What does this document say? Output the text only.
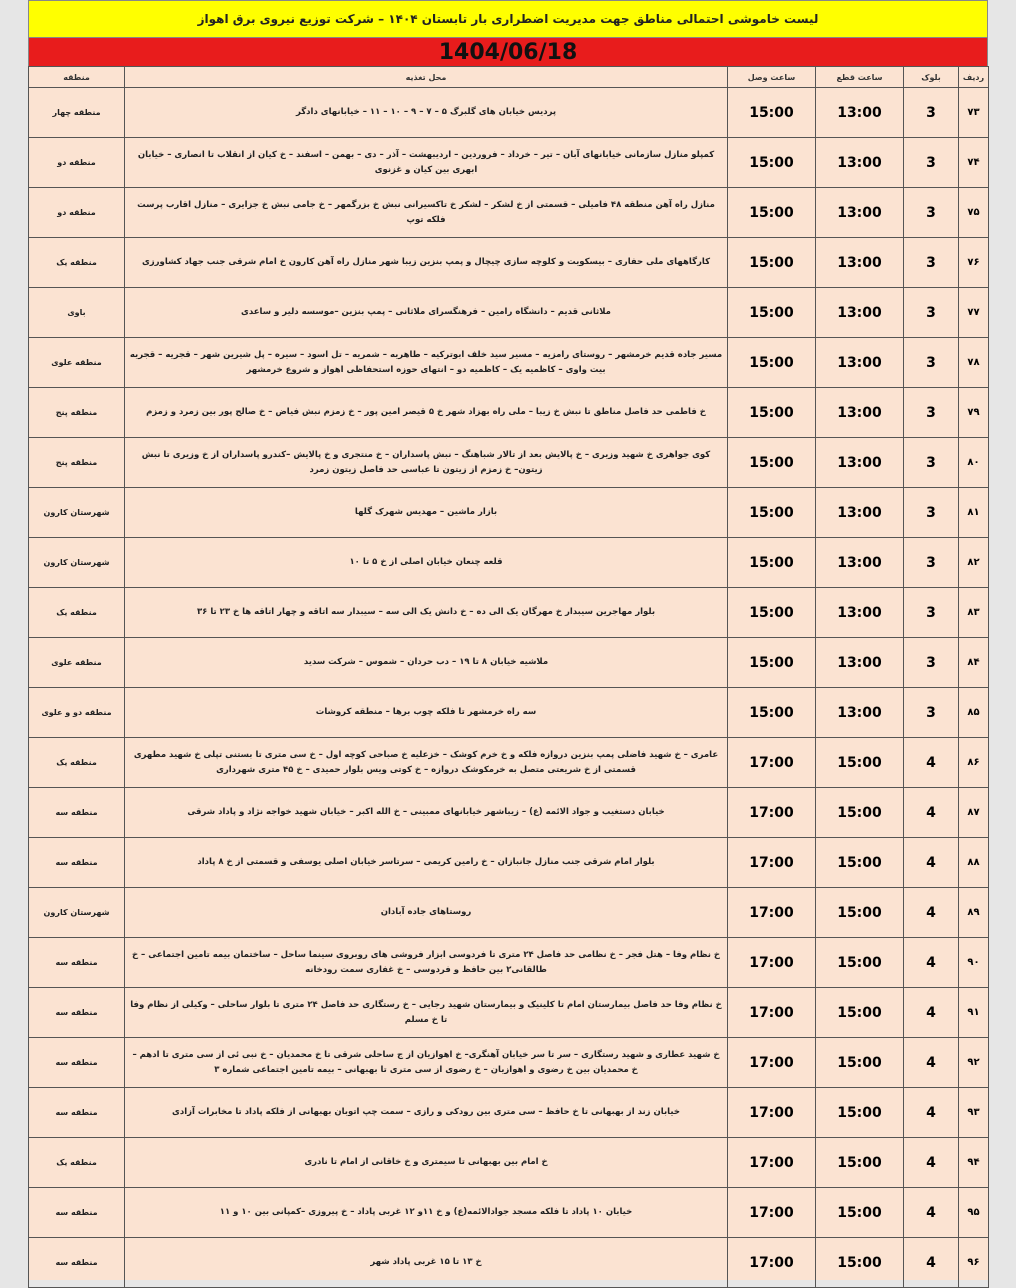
لیست خاموشی احتمالی مناطق جهت مدیریت اضطراری بار تابستان ۱۴۰۴ – شرکت توزیع نیروی برق اهواز
1404/06/18
ردیف	بلوک	ساعت قطع	ساعت وصل	محل تغذیه	منطقه
۷۳	3	13:00	15:00	پردیس خیابان های گلبرگ ۵ – ۷ – ۹ – ۱۰ – ۱۱ – خیابانهای دادگر	منطقه چهار
۷۴	3	13:00	15:00	کمپلو منازل سازمانی خیابانهای آبان – تیر – خرداد – فروردین – اردیبهشت – آذر – دی – بهمن – اسفند – خ کیان از انقلاب تا انصاری – خیابان ابهری بین کیان و غزنوی	منطقه دو
۷۵	3	13:00	15:00	منازل راه آهن منطقه ۴۸ فامیلی – قسمتی از خ لشکر – لشکر خ تاکسیرانی نبش خ بزرگمهر – خ جامی نبش خ جزایری – منازل اقارب پرست فلکه توپ	منطقه دو
۷۶	3	13:00	15:00	کارگاههای ملی حفاری – بیسکویت و کلوچه سازی چیچال و پمپ بنزین زیبا شهر منازل راه آهن کارون خ امام شرقی جنب جهاد کشاورزی	منطقه یک
۷۷	3	13:00	15:00	ملاثانی قدیم – دانشگاه رامین – فرهنگسرای ملاثانی – پمپ بنزین –موسسه دلیر و ساعدی	باوی
۷۸	3	13:00	15:00	مسیر جاده قدیم خرمشهر – روستای رامزیه – مسیر سید خلف ابوترکیه – طاهریه – شمریه – تل اسود – سیره – پل شیرین شهر – قجریه – قجریه بیت واوی – کاظمیه یک – کاظمیه دو – انتهای حوزه استحفاظی اهواز و شروع خرمشهر	منطقه علوی
۷۹	3	13:00	15:00	خ فاطمی حد فاصل مناطق تا نبش خ زیبا – ملی راه بهزاد شهر خ ۵ قیصر امین پور – خ زمزم نبش فیاض – خ صالح پور بین زمرد و زمزم	منطقه پنج
۸۰	3	13:00	15:00	کوی جواهری خ شهید وزیری – خ پالایش بعد از تالار شباهنگ – نبش پاسداران – خ منتجری و خ پالایش –کندرو پاسداران از خ وزیری تا نبش زیتون– خ زمزم از زیتون تا عباسی حد فاصل زیتون زمرد	منطقه پنج
۸۱	3	13:00	15:00	بازار ماشین – مهدیس شهرک گلها	شهرستان کارون
۸۲	3	13:00	15:00	قلعه چنعان خیابان اصلی از خ ۵ تا ۱۰	شهرستان کارون
۸۳	3	13:00	15:00	بلوار مهاجرین سیبدار خ مهرگان یک الی ده – خ دانش یک الی سه – سیبدار سه اتاقه و چهار اتاقه ها خ ۲۳ تا ۳۶	منطقه یک
۸۴	3	13:00	15:00	ملاشیه خیابان ۸ تا ۱۹ – دب حردان – شموس – شرکت سدید	منطقه علوی
۸۵	3	13:00	15:00	سه راه خرمشهر تا فلکه چوب برها – منطقه کروشات	منطقه دو و علوی
۸۶	4	15:00	17:00	عامری – خ شهید فاضلی پمپ بنزین دروازه فلکه و خ خرم کوشک – خزعلیه خ صباحی کوچه اول – خ سی متری تا بستنی تپلی خ شهید مطهری قسمتی از خ شریعتی متصل به خرمکوشک دروازه – خ کوتی ویس بلوار حمیدی – خ ۴۵ متری شهرداری	منطقه یک
۸۷	4	15:00	17:00	خیابان دستغیب و جواد الائمه (ع) – زیباشهر خیابانهای ممبینی – خ الله اکبر – خیابان شهید خواجه نژاد و پاداد شرقی	منطقه سه
۸۸	4	15:00	17:00	بلوار امام شرقی جنب منازل جانبازان – خ رامین کریمی – سرتاسر خیابان اصلی یوسفی و قسمتی از خ ۸ پاداد	منطقه سه
۸۹	4	15:00	17:00	روستاهای جاده آبادان	شهرستان کارون
۹۰	4	15:00	17:00	خ نظام وفا – هتل فجر – خ نظامی حد فاصل ۲۴ متری تا فردوسی ابزار فروشی های روبروی سینما ساحل – ساختمان بیمه تامین اجتماعی – خ طالقانی۲ بین حافظ و فردوسی – خ غفاری سمت رودخانه	منطقه سه
۹۱	4	15:00	17:00	خ نظام وفا حد فاصل بیمارستان امام تا کلینیک و بیمارستان شهید رجایی – خ رستگاری حد فاصل ۲۴ متری تا بلوار ساحلی – وکیلی از نظام وفا تا خ مسلم	منطقه سه
۹۲	4	15:00	17:00	خ شهید عطاری و شهید رستگاری – سر تا سر خیابان آهنگری– خ اهوازیان از ج ساحلی شرقی تا خ محمدیان – خ نبی ئی از سی متری تا ادهم – خ محمدیان بین خ رضوی و اهوازیان – خ رضوی از سی متری تا بهبهانی – بیمه تامین اجتماعی شماره ۳	منطقه سه
۹۳	4	15:00	17:00	خیابان زند از بهبهانی تا خ حافظ – سی متری بین رودکی و رازی – سمت چپ اتوبان بهبهانی از فلکه پاداد تا مخابرات آزادی	منطقه سه
۹۴	4	15:00	17:00	خ امام بین بهبهانی تا سیمتری و خ خاقانی از امام تا نادری	منطقه یک
۹۵	4	15:00	17:00	خیابان ۱۰ پاداد تا فلکه مسجد جوادالائمه(ع) و خ ۱۱و ۱۲ غربی پاداد – خ پیروزی –کمپانی بین ۱۰ و ۱۱	منطقه سه
۹۶	4	15:00	17:00	خ ۱۳ تا ۱۵ غربی پاداد شهر	منطقه سه
